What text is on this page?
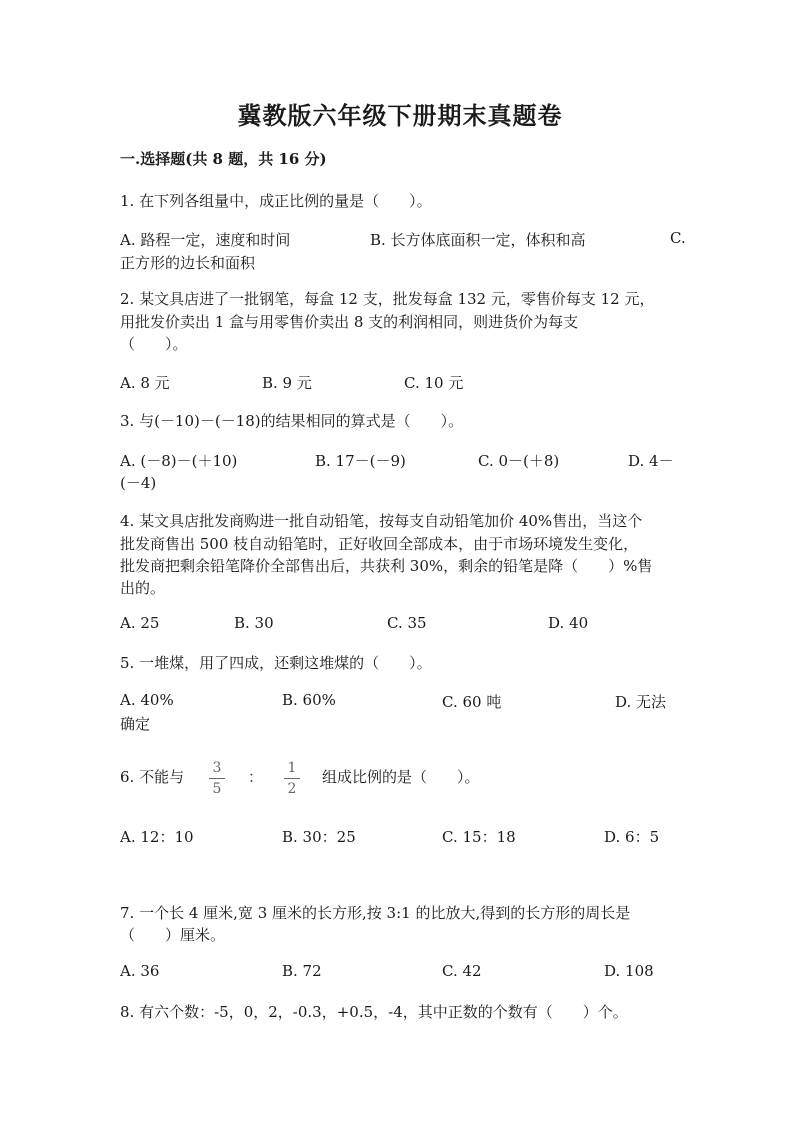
冀教版六年级下册期末真题卷
一.选择题(共 8 题，共 16 分)
1. 在下列各组量中，成正比例的量是（　　）。
A. 路程一定，速度和时间	B. 长方体底面积一定，体积和高	C.
正方形的边长和面积
2. 某文具店进了一批钢笔，每盒 12 支，批发每盒 132 元，零售价每支 12 元，
用批发价卖出 1 盒与用零售价卖出 8 支的利润相同，则进货价为每支
（　　）。
A. 8 元	B. 9 元	C. 10 元
3. 与(－10)－(－18)的结果相同的算式是（　　）。
A. (－8)－(＋10)	B. 17－(－9)	C. 0－(＋8)	D. 4－
(－4)
4. 某文具店批发商购进一批自动铅笔，按每支自动铅笔加价 40%售出，当这个
批发商售出 500 枝自动铅笔时，正好收回全部成本，由于市场环境发生变化，
批发商把剩余铅笔降价全部售出后，共获利 30%，剩余的铅笔是降（　　）%售
出的。
A. 25	B. 30	C. 35	D. 40
5. 一堆煤，用了四成，还剩这堆煤的（　　）。
A. 40%	B. 60%	C. 60 吨	D. 无法
确定
6. 不能与 3
5
： 1
2
组成比例的是（　　）。
A. 12：10	B. 30：25	C. 15：18	D. 6：5
7. 一个长 4 厘米,宽 3 厘米的长方形,按 3:1 的比放大,得到的长方形的周长是
（　　）厘米。
A. 36	B. 72	C. 42	D. 108
8. 有六个数：-5，0，2，-0.3，+0.5，-4，其中正数的个数有（　　）个。
